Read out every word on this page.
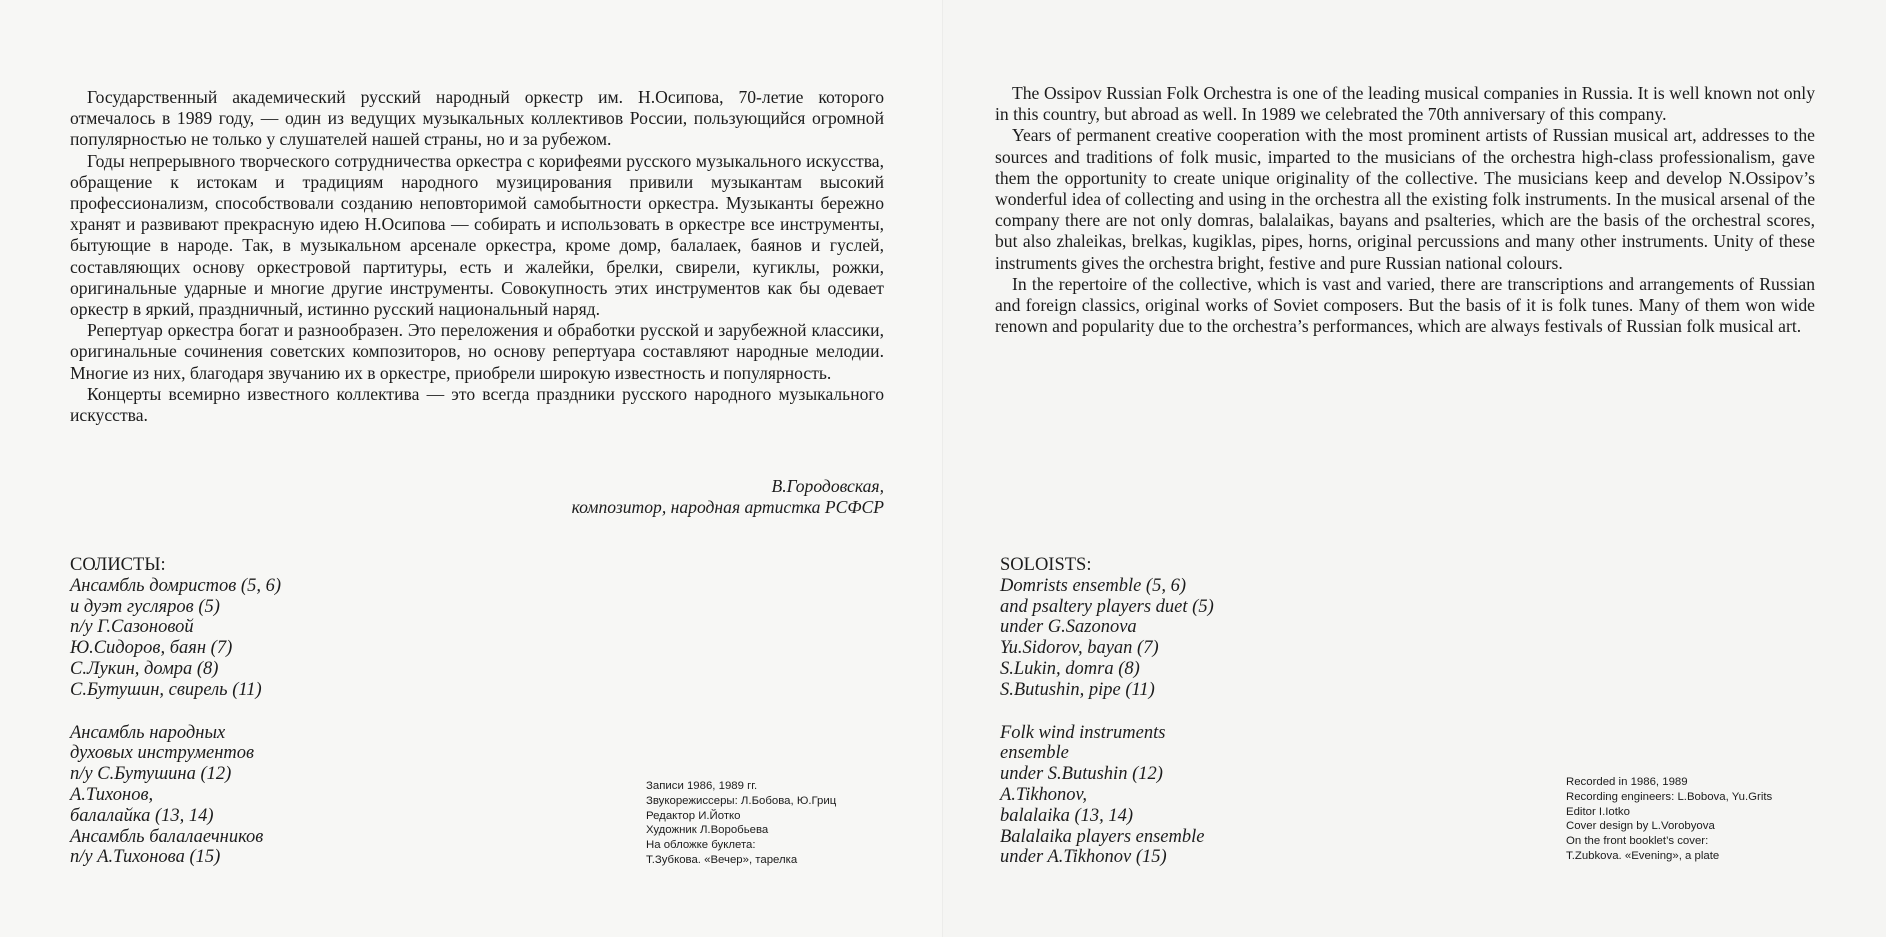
Государственный академический русский народный оркестр им. Н.Осипова, 70-летие которого отмечалось в 1989 году, — один из ведущих музыкальных коллективов России, пользующийся огромной популярностью не только у слушателей нашей страны, но и за рубежом.

Годы непрерывного творческого сотрудничества оркестра с корифеями русского музыкального искусства, обращение к истокам и традициям народного музицирования привили музыкантам высокий профессионализм, способствовали созданию неповторимой самобытности оркестра. Музыканты бережно хранят и развивают прекрасную идею Н.Осипова — собирать и использовать в оркестре все инструменты, бытующие в народе. Так, в музыкальном арсенале оркестра, кроме домр, балалаек, баянов и гуслей, составляющих основу оркестровой партитуры, есть и жалейки, брелки, свирели, кугиклы, рожки, оригинальные ударные и многие другие инструменты. Совокупность этих инструментов как бы одевает оркестр в яркий, праздничный, истинно русский национальный наряд.

Репертуар оркестра богат и разнообразен. Это переложения и обработки русской и зарубежной классики, оригинальные сочинения советских композиторов, но основу репертуара составляют народные мелодии. Многие из них, благодаря звучанию их в оркестре, приобрели широкую известность и популярность.

Концерты всемирно известного коллектива — это всегда праздники русского народного музыкального искусства.

В.Городовская,
композитор, народная артистка РСФСР
СОЛИСТЫ:
Ансамбль домристов (5, 6)
и дуэт гусляров (5)
п/у Г.Сазоновой
Ю.Сидоров, баян (7)
С.Лукин, домра (8)
С.Бутушин, свирель (11)
Ансамбль народных
духовых инструментов
п/у С.Бутушина (12)
А.Тихонов,
балалайка (13, 14)
Ансамбль балалаечников
п/у А.Тихонова (15)
Записи 1986, 1989 гг.
Звукорежиссеры: Л.Бобова, Ю.Гриц
Редактор И.Йотко
Художник Л.Воробьева
На обложке буклета:
Т.Зубкова. «Вечер», тарелка

The Ossipov Russian Folk Orchestra is one of the leading musical companies in Russia. It is well known not only in this country, but abroad as well. In 1989 we celebrated the 70th anniversary of this company.

Years of permanent creative cooperation with the most prominent artists of Russian musical art, addresses to the sources and traditions of folk music, imparted to the musicians of the orchestra high-class professionalism, gave them the opportunity to create unique originality of the collective. The musicians keep and develop N.Ossipov’s wonderful idea of collecting and using in the orchestra all the existing folk instruments. In the musical arsenal of the company there are not only domras, balalaikas, bayans and psalteries, which are the basis of the orchestral scores, but also zhaleikas, brelkas, kugiklas, pipes, horns, original percussions and many other instruments. Unity of these instruments gives the orchestra bright, festive and pure Russian national colours.

In the repertoire of the collective, which is vast and varied, there are transcriptions and arrangements of Russian and foreign classics, original works of Soviet composers. But the basis of it is folk tunes. Many of them won wide renown and popularity due to the orchestra’s performances, which are always festivals of Russian folk musical art.

SOLOISTS:
Domrists ensemble (5, 6)
and psaltery players duet (5)
under G.Sazonova
Yu.Sidorov, bayan (7)
S.Lukin, domra (8)
S.Butushin, pipe (11)
Folk wind instruments
ensemble
under S.Butushin (12)
A.Tikhonov,
balalaika (13, 14)
Balalaika players ensemble
under A.Tikhonov (15)
Recorded in 1986, 1989
Recording engineers: L.Bobova, Yu.Grits
Editor I.Iotko
Cover design by L.Vorobyova
On the front booklet’s cover:
T.Zubkova. «Evening», a plate
